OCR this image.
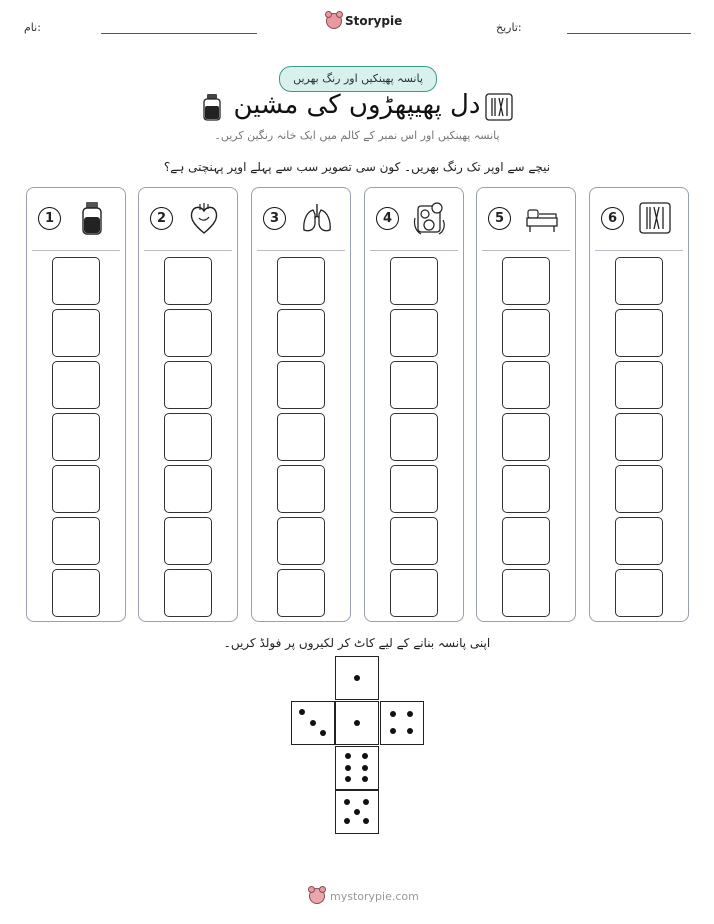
نام:	Storypie	تاریخ:
پانسہ پھینکیں اور رنگ بھریں
دل پھیپھڑوں کی مشین
پانسہ پھینکیں اور اس نمبر کے کالم میں ایک خانہ رنگین کریں۔
نیچے سے اوپر تک رنگ بھریں۔ کون سی تصویر سب سے پہلے اوپر پہنچتی ہے؟
1	2	3	4	5	6
اپنی پانسہ بنانے کے لیے کاٹ کر لکیروں پر فولڈ کریں۔
mystorypie.com
